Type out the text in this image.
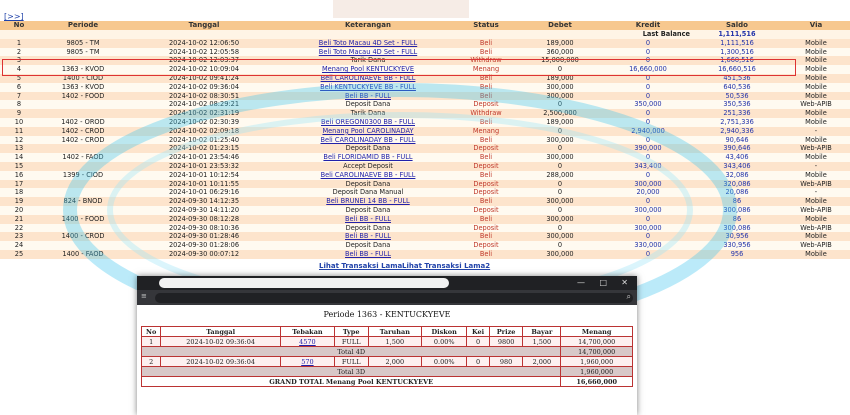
[>>]
No	Periode	Tanggal	Keterangan	Status	Debet	Kredit	Saldo	Via
						Last Balance	1,111,516	
1	9805 - TM	2024-10-02 12:06:50	Beli Toto Macau 4D Set - FULL	Beli	189,000	0	1,111,516	Mobile
2	9805 - TM	2024-10-02 12:05:58	Beli Toto Macau 4D Set - FULL	Beli	360,000	0	1,300,516	Mobile
3		2024-10-02 12:03:37	Tarik Dana	Withdraw	15,000,000	0	1,660,516	Mobile
4	1363 - KVOD	2024-10-02 10:09:04	Menang Pool KENTUCKYEVE	Menang	0	16,660,000	16,660,516	Mobile
5	1400 - CIOD	2024-10-02 09:41:24	Beli CAROLINAEVE BB - FULL	Beli	189,000	0	451,536	Mobile
6	1363 - KVOD	2024-10-02 09:36:04	Beli KENTUCKYEVE BB - FULL	Beli	300,000	0	640,536	Mobile
7	1402 - FOOD	2024-10-02 08:30:51	Beli BB - FULL	Beli	300,000	0	50,536	Mobile
8		2024-10-02 08:29:21	Deposit Dana	Deposit	0	350,000	350,536	Web-APIB
9		2024-10-02 02:31:19	Tarik Dana	Withdraw	2,500,000	0	251,336	Mobile
10	1402 - OROD	2024-10-02 02:30:39	Beli OREGON0300 BB - FULL	Beli	189,000	0	2,751,336	Mobile
11	1402 - CROD	2024-10-02 02:09:18	Menang Pool CAROLINADAY	Menang	0	2,940,000	2,940,336	-
12	1402 - CROD	2024-10-02 01:25:40	Beli CAROLINADAY BB - FULL	Beli	300,000	0	90,646	Mobile
13		2024-10-02 01:23:15	Deposit Dana	Deposit	0	390,000	390,646	Web-APIB
14	1402 - FAOD	2024-10-01 23:54:46	Beli FLORIDAMID BB - FULL	Beli	300,000	0	43,406	Mobile
15		2024-10-01 23:53:32	Accept Deposit	Deposit	0	343,400	343,406	-
16	1399 - CIOD	2024-10-01 10:12:54	Beli CAROLINAEVE BB - FULL	Beli	288,000	0	32,086	Mobile
17		2024-10-01 10:11:55	Deposit Dana	Deposit	0	300,000	320,086	Web-APIB
18		2024-10-01 06:29:16	Deposit Dana Manual	Deposit	0	20,000	20,086	-
19	824 - BNOD	2024-09-30 14:12:35	Beli BRUNEI 14 BB - FULL	Beli	300,000	0	86	Mobile
20		2024-09-30 14:11:20	Deposit Dana	Deposit	0	300,000	300,086	Web-APIB
21	1400 - FOOD	2024-09-30 08:12:28	Beli BB - FULL	Beli	300,000	0	86	Mobile
22		2024-09-30 08:10:36	Deposit Dana	Deposit	0	300,000	300,086	Web-APIB
23	1400 - CROD	2024-09-30 01:28:46	Beli BB - FULL	Beli	300,000	0	30,956	Mobile
24		2024-09-30 01:28:06	Deposit Dana	Deposit	0	330,000	330,956	Web-APIB
25	1400 - FAOD	2024-09-30 00:07:12	Beli BB - FULL	Beli	300,000	0	956	Mobile
Lihat Transaksi Lama Lihat Transaksi Lama2
— □ ✕
≡	⌕
Periode 1363 - KENTUCKYEVE
No	Tanggal	Tebakan	Type	Taruhan	Diskon	Kei	Prize	Bayar	Menang
1	2024-10-02 09:36:04	4570	FULL	1,500	0.00%	0	9800	1,500	14,700,000
Total 4D									14,700,000
2	2024-10-02 09:36:04	570	FULL	2,000	0.00%	0	980	2,000	1,960,000
Total 3D									1,960,000
GRAND TOTAL Menang Pool KENTUCKYEVE									16,660,000
